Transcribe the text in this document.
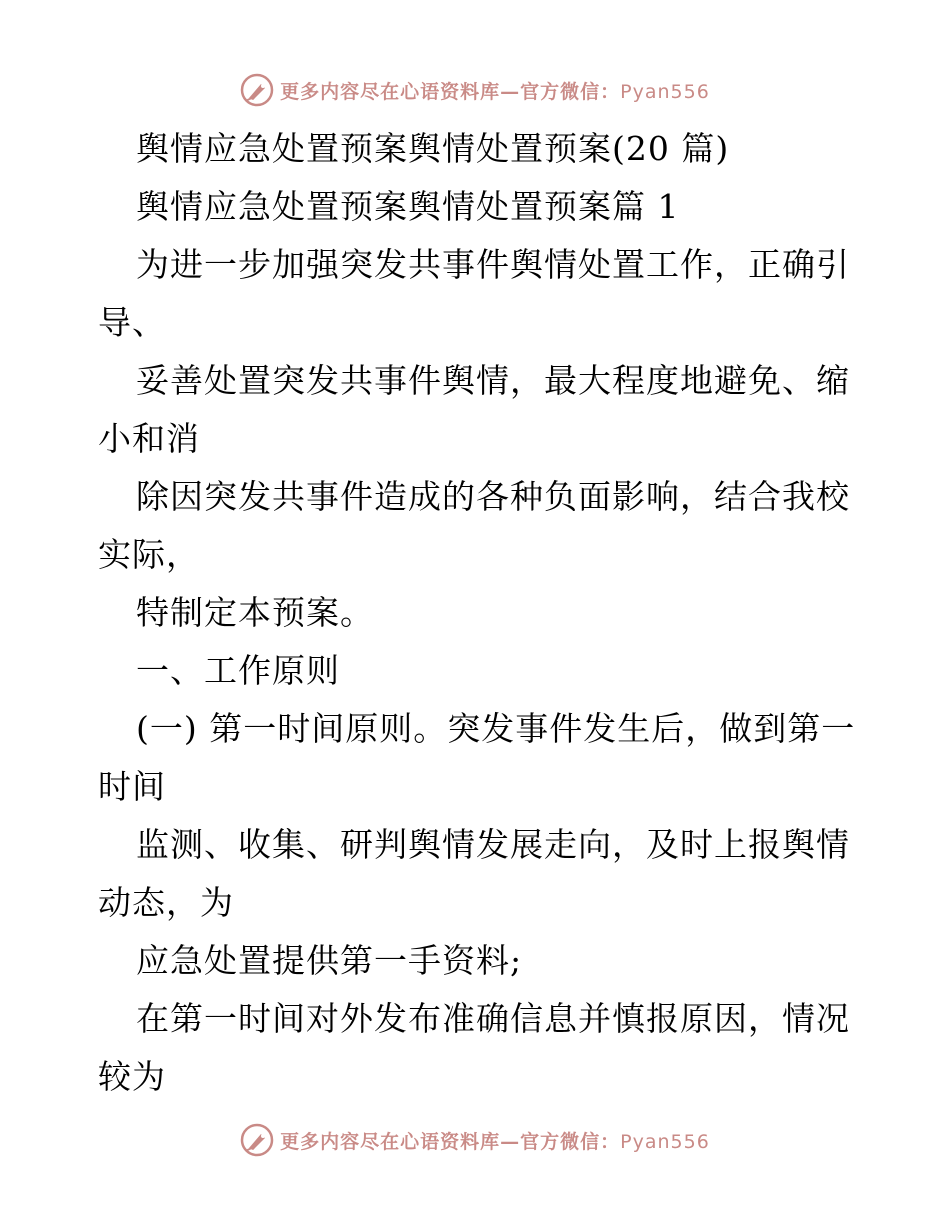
更多内容尽在心语资料库—官方微信：Pyan556
舆情应急处置预案舆情处置预案(20 篇)
舆情应急处置预案舆情处置预案篇 1
为进一步加强突发共事件舆情处置工作，正确引
导、
妥善处置突发共事件舆情，最大程度地避免、缩
小和消
除因突发共事件造成的各种负面影响，结合我校
实际，
特制定本预案。
一、工作原则
(一) 第一时间原则。突发事件发生后，做到第一
时间
监测、收集、研判舆情发展走向，及时上报舆情
动态，为
应急处置提供第一手资料;
在第一时间对外发布准确信息并慎报原因，情况
较为
更多内容尽在心语资料库—官方微信：Pyan556
